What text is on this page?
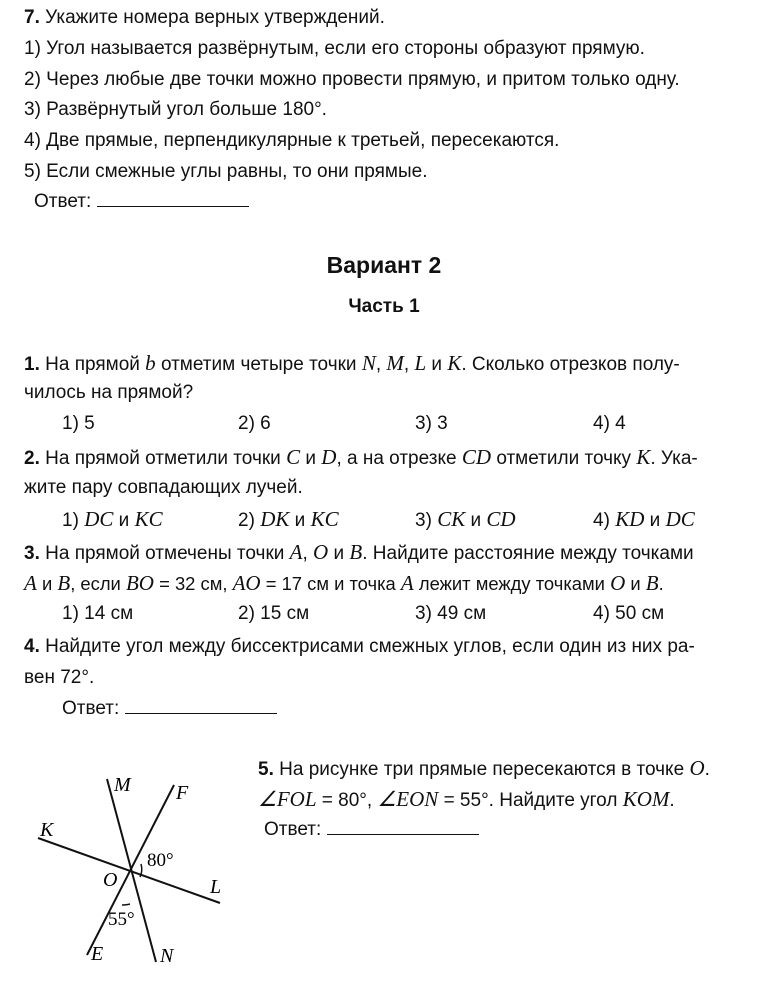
7. Укажите номера верных утверждений.
1) Угол называется развёрнутым, если его стороны образуют прямую.
2) Через любые две точки можно провести прямую, и притом только одну.
3) Развёрнутый угол больше 180°.
4) Две прямые, перпендикулярные к третьей, пересекаются.
5) Если смежные углы равны, то они прямые.
Ответ:
Вариант 2
Часть 1
1. На прямой b отметим четыре точки N, M, L и K. Сколько отрезков полу-
чилось на прямой?
1) 5	2) 6	3) 3	4) 4
2. На прямой отметили точки C и D, а на отрезке CD отметили точку K. Ука-
жите пару совпадающих лучей.
1) DC и KC	2) DK и KC	3) CK и CD	4) KD и DC
3. На прямой отмечены точки A, O и B. Найдите расстояние между точками
A и B, если BO = 32 см, AO = 17 см и точка A лежит между точками O и B.
1) 14 см	2) 15 см	3) 49 см	4) 50 см
4. Найдите угол между биссектрисами смежных углов, если один из них ра-
вен 72°.
Ответ:
5. На рисунке три прямые пересекаются в точке O.
∠FOL = 80°, ∠EON = 55°. Найдите угол KOM.
Ответ:
M F
K
O	L
E	N
80°
55°
